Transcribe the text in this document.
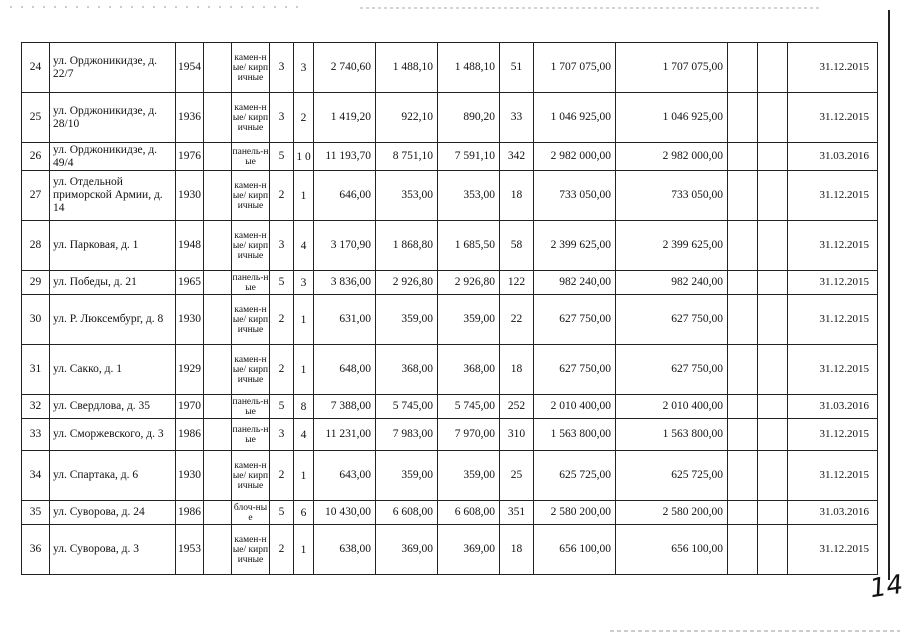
24	ул. Орджоникидзе, д. 22/7	1954		камен-ные/ кирпичные	3	3	2 740,60	1 488,10	1 488,10	51	1 707 075,00	1 707 075,00			31.12.2015
25	ул. Орджоникидзе, д. 28/10	1936		камен-ные/ кирпичные	3	2	1 419,20	922,10	890,20	33	1 046 925,00	1 046 925,00			31.12.2015
26	ул. Орджоникидзе, д. 49/4	1976		панель-ные	5	1 0	11 193,70	8 751,10	7 591,10	342	2 982 000,00	2 982 000,00			31.03.2016
27	ул. Отдельной приморской Армии, д. 14	1930		камен-ные/ кирпичные	2	1	646,00	353,00	353,00	18	733 050,00	733 050,00			31.12.2015
28	ул. Парковая, д. 1	1948		камен-ные/ кирпичные	3	4	3 170,90	1 868,80	1 685,50	58	2 399 625,00	2 399 625,00			31.12.2015
29	ул. Победы, д. 21	1965		панель-ные	5	3	3 836,00	2 926,80	2 926,80	122	982 240,00	982 240,00			31.12.2015
30	ул. Р. Люксембург, д. 8	1930		камен-ные/ кирпичные	2	1	631,00	359,00	359,00	22	627 750,00	627 750,00			31.12.2015
31	ул. Сакко, д. 1	1929		камен-ные/ кирпичные	2	1	648,00	368,00	368,00	18	627 750,00	627 750,00			31.12.2015
32	ул. Свердлова, д. 35	1970		панель-ные	5	8	7 388,00	5 745,00	5 745,00	252	2 010 400,00	2 010 400,00			31.03.2016
33	ул. Сморжевского, д. 3	1986		панель-ные	3	4	11 231,00	7 983,00	7 970,00	310	1 563 800,00	1 563 800,00			31.12.2015
34	ул. Спартака, д. 6	1930		камен-ные/ кирпичные	2	1	643,00	359,00	359,00	25	625 725,00	625 725,00			31.12.2015
35	ул. Суворова, д. 24	1986		блоч-ные	5	6	10 430,00	6 608,00	6 608,00	351	2 580 200,00	2 580 200,00			31.03.2016
36	ул. Суворова, д. 3	1953		камен-ные/ кирпичные	2	1	638,00	369,00	369,00	18	656 100,00	656 100,00			31.12.2015
14
